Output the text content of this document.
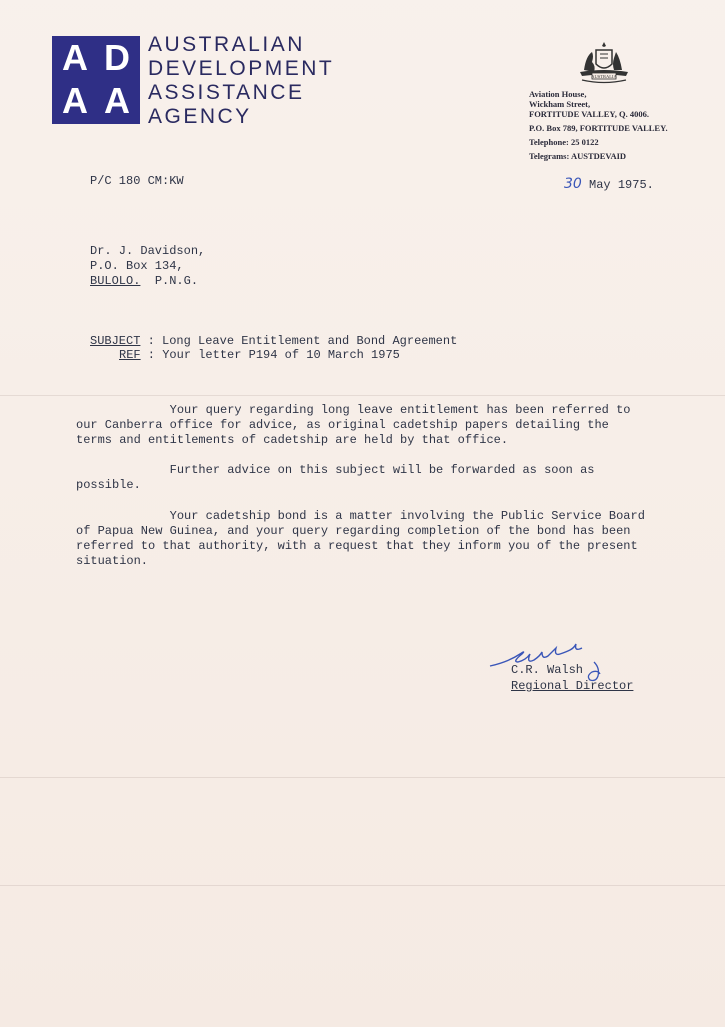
A D
A A
AUSTRALIAN
DEVELOPMENT
ASSISTANCE
AGENCY
AUSTRALIA
Aviation House,
Wickham Street,
FORTITUDE VALLEY, Q. 4006.
P.O. Box 789, FORTITUDE VALLEY.
Telephone: 25 0122
Telegrams: AUSTDEVAID
P/C 180 CM:KW	30 May 1975.
Dr. J. Davidson,
P.O. Box 134,
BULOLO.  P.N.G.
SUBJECT : Long Leave Entitlement and Bond Agreement
REF : Your letter P194 of 10 March 1975
Your query regarding long leave entitlement has been referred to
our Canberra office for advice, as original cadetship papers detailing the
terms and entitlements of cadetship are held by that office.
Further advice on this subject will be forwarded as soon as
possible.
Your cadetship bond is a matter involving the Public Service Board
of Papua New Guinea, and your query regarding completion of the bond has been
referred to that authority, with a request that they inform you of the present
situation.
C.R. Walsh
Regional Director
